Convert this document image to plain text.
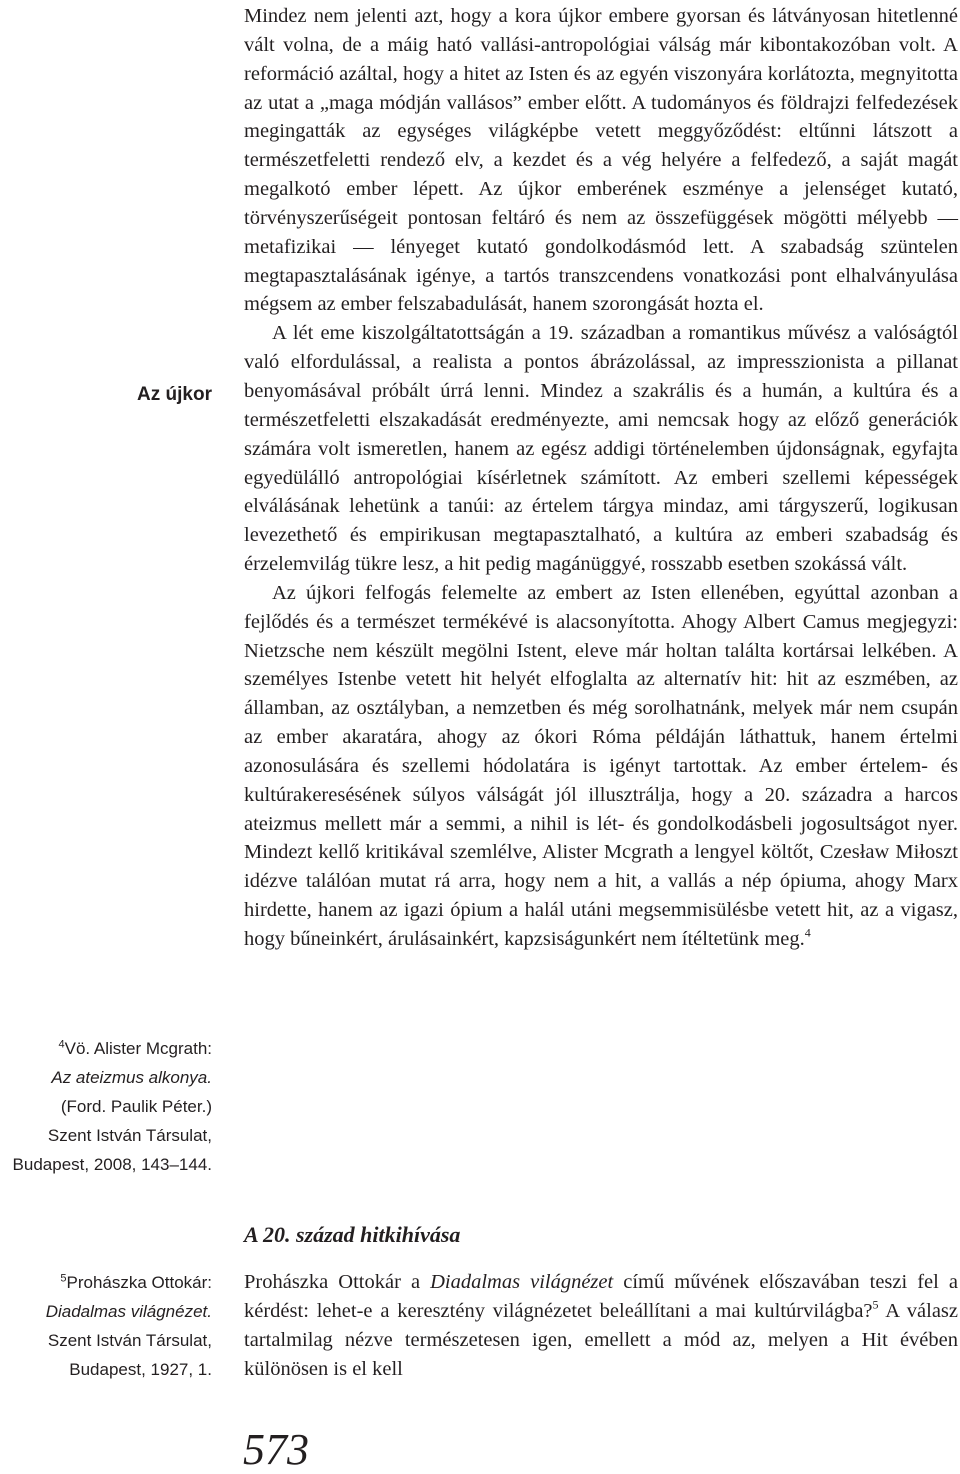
Az újkor
$^4$Vö. Alister Mcgrath:
Az ateizmus alkonya.
(Ford. Paulik Péter.)
Szent István Társulat,
Budapest, 2008, 143‒144.
$^5$Prohászka Ottokár:
Diadalmas világnézet.
Szent István Társulat,
Budapest, 1927, 1.

Mindez nem jelenti azt, hogy a kora újkor embere gyorsan és látványosan hitetlenné vált volna, de a máig ható vallási-antropológiai válság már kibontakozóban volt. A reformáció azáltal, hogy a hitet az Isten és az egyén viszonyára korlátozta, megnyitotta az utat a „maga módján vallásos” ember előtt. A tudományos és földrajzi felfedezések megingatták az egységes világképbe vetett meggyőződést: eltűnni látszott a természetfeletti rendező elv, a kezdet és a vég helyére a felfedező, a saját magát megalkotó ember lépett. Az újkor emberének eszménye a jelenséget kutató, törvényszerűségeit pontosan feltáró és nem az összefüggések mögötti mélyebb — metafizikai — lényeget kutató gondolkodásmód lett. A szabadság szüntelen megtapasztalásának igénye, a tartós transzcendens vonatkozási pont elhalványulása mégsem az ember felszabadulását, hanem szorongását hozta el.

A lét eme kiszolgáltatottságán a 19. században a romantikus művész a valóságtól való elfordulással, a realista a pontos ábrázolással, az impresszionista a pillanat benyomásával próbált úrrá lenni. Mindez a szakrális és a humán, a kultúra és a természetfeletti elszakadását eredményezte, ami nemcsak hogy az előző generációk számára volt ismeretlen, hanem az egész addigi történelemben újdonságnak, egyfajta egyedülálló antropológiai kísérletnek számított. Az emberi szellemi képességek elválásának lehetünk a tanúi: az értelem tárgya mindaz, ami tárgyszerű, logikusan levezethető és empirikusan megtapasztalható, a kultúra az emberi szabadság és érzelemvilág tükre lesz, a hit pedig magánüggyé, rosszabb esetben szokássá vált.

Az újkori felfogás felemelte az embert az Isten ellenében, egyúttal azonban a fejlődés és a természet termékévé is alacsonyította. Ahogy Albert Camus megjegyzi: Nietzsche nem készült megölni Istent, eleve már holtan találta kortársai lelkében. A személyes Istenbe vetett hit helyét elfoglalta az alternatív hit: hit az eszmében, az államban, az osztályban, a nemzetben és még sorolhatnánk, melyek már nem csupán az ember akaratára, ahogy az ókori Róma példáján láthattuk, hanem értelmi azonosulására és szellemi hódolatára is igényt tartottak. Az ember értelem- és kultúrakeresésének súlyos válságát jól illusztrálja, hogy a 20. századra a harcos ateizmus mellett már a semmi, a nihil is lét- és gondolkodásbeli jogosultságot nyer. Mindezt kellő kritikával szemlélve, Alister Mcgrath a lengyel költőt, Czesław Miłoszt idézve találóan mutat rá arra, hogy nem a hit, a vallás a nép ópiuma, ahogy Marx hirdette, hanem az igazi ópium a halál utáni megsemmisülésbe vetett hit, az a vigasz, hogy bűneinkért, árulásainkért, kapzsiságunkért nem ítéltetünk meg.$^4$

A 20. század hitkihívása

Prohászka Ottokár a Diadalmas világnézet című művének előszavában teszi fel a kérdést: lehet-e a keresztény világnézetet beleállítani a mai kultúrvilágba?$^5$ A válasz tartalmilag nézve természetesen igen, emellett a mód az, melyen a Hit évében különösen is el kell

573
